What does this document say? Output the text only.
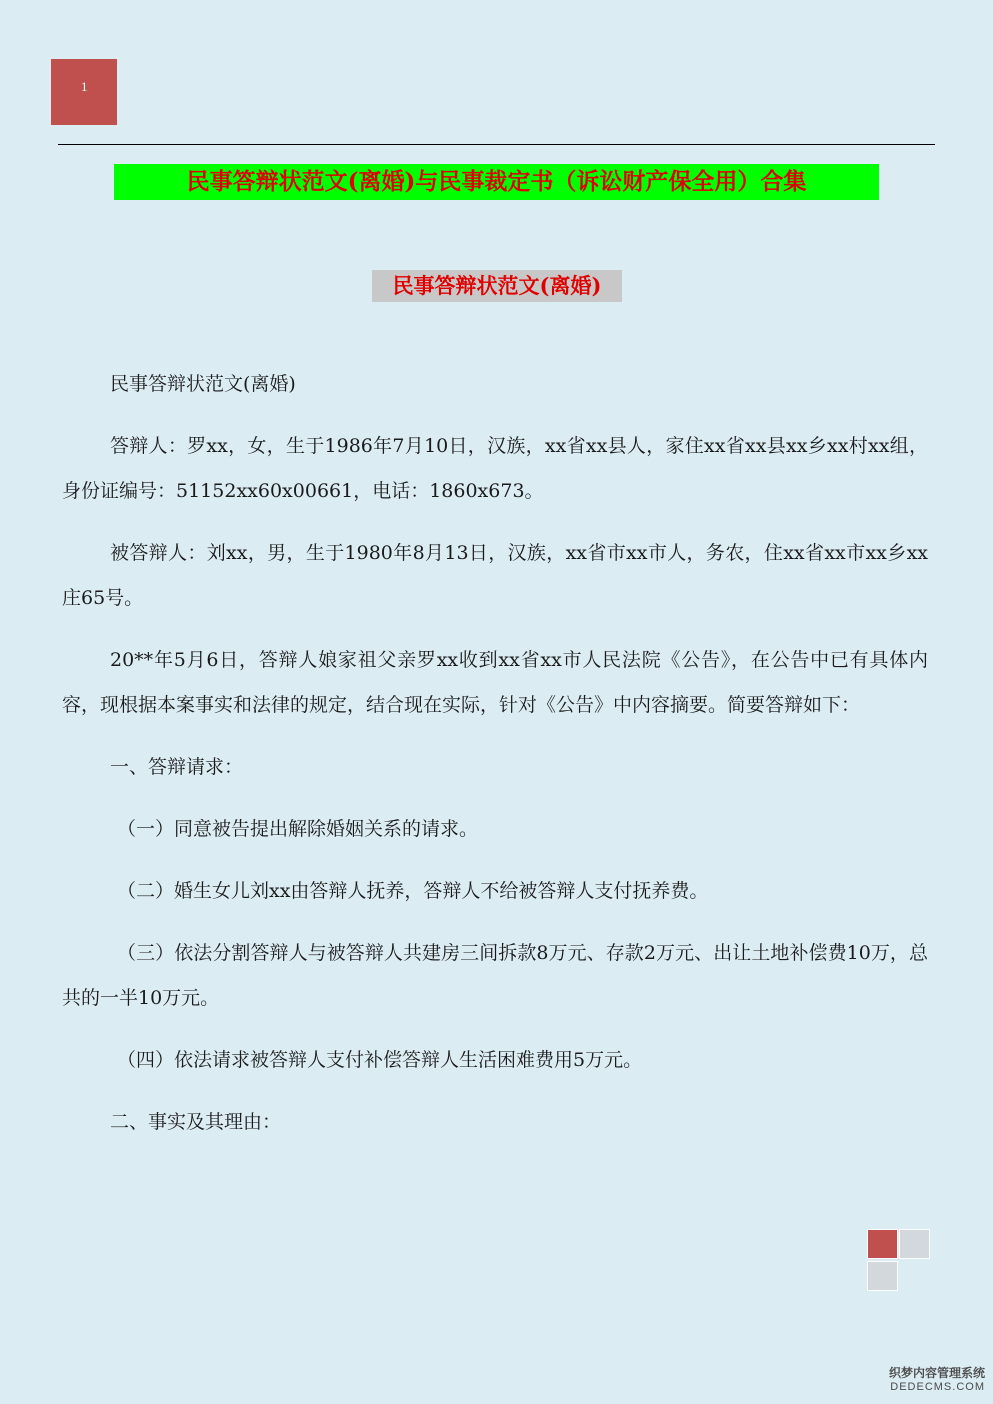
1
民事答辩状范文(离婚)与民事裁定书（诉讼财产保全用）合集
民事答辩状范文(离婚)

民事答辩状范文(离婚)

答辩人：罗xx，女，生于1986年7月10日，汉族，xx省xx县人，家住xx省xx县xx乡xx村xx组，身份证编号：51152xx60x00661，电话：1860x673。

被答辩人：刘xx，男，生于1980年8月13日，汉族，xx省市xx市人，务农，住xx省xx市xx乡xx庄65号。

20**年5月6日，答辩人娘家祖父亲罗xx收到xx省xx市人民法院《公告》，在公告中已有具体内容，现根据本案事实和法律的规定，结合现在实际，针对《公告》中内容摘要。简要答辩如下：

一、答辩请求：

（一）同意被告提出解除婚姻关系的请求。

（二）婚生女儿刘xx由答辩人抚养，答辩人不给被答辩人支付抚养费。

（三）依法分割答辩人与被答辩人共建房三间拆款8万元、存款2万元、出让土地补偿费10万，总共的一半10万元。

（四）依法请求被答辩人支付补偿答辩人生活困难费用5万元。

二、事实及其理由：

织梦内容管理系统
DEDECMS.COM
